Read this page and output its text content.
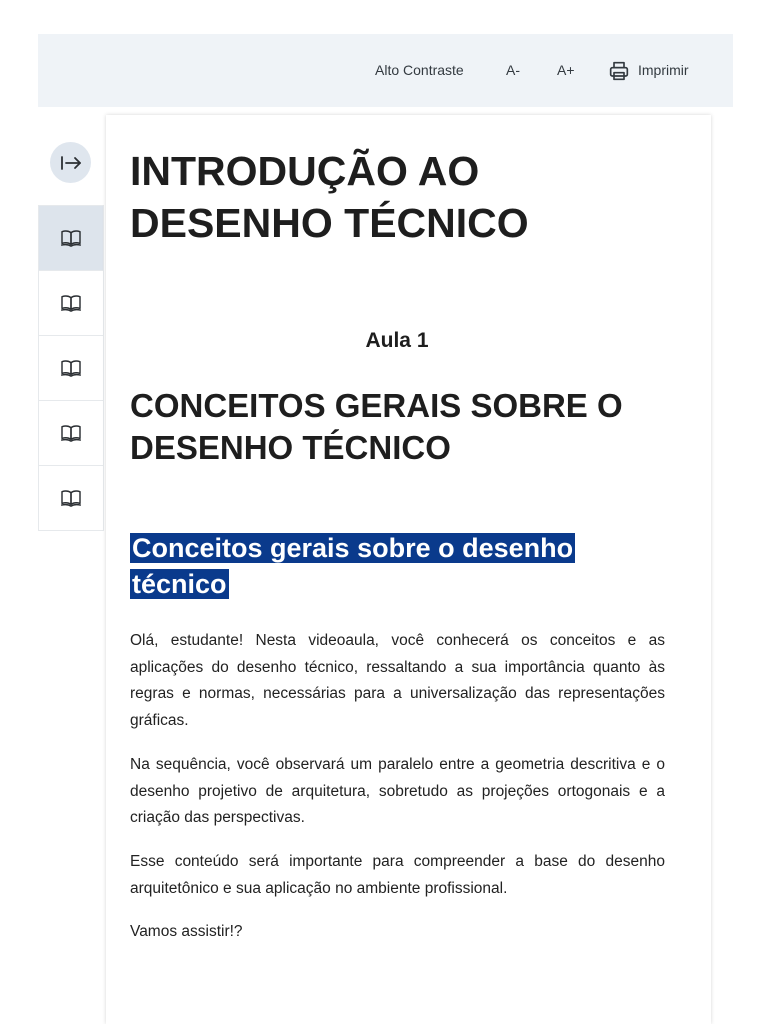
Alto Contraste	A-	A+	Imprimir
INTRODUÇÃO AO DESENHO TÉCNICO
Aula 1
CONCEITOS GERAIS SOBRE O DESENHO TÉCNICO
Conceitos gerais sobre o desenho técnico

Olá, estudante! Nesta videoaula, você conhecerá os conceitos e as aplicações do desenho técnico, ressaltando a sua importância quanto às regras e normas, necessárias para a universalização das representações gráficas.

Na sequência, você observará um paralelo entre a geometria descritiva e o desenho projetivo de arquitetura, sobretudo as projeções ortogonais e a criação das perspectivas.

Esse conteúdo será importante para compreender a base do desenho arquitetônico e sua aplicação no ambiente profissional.

Vamos assistir!?
